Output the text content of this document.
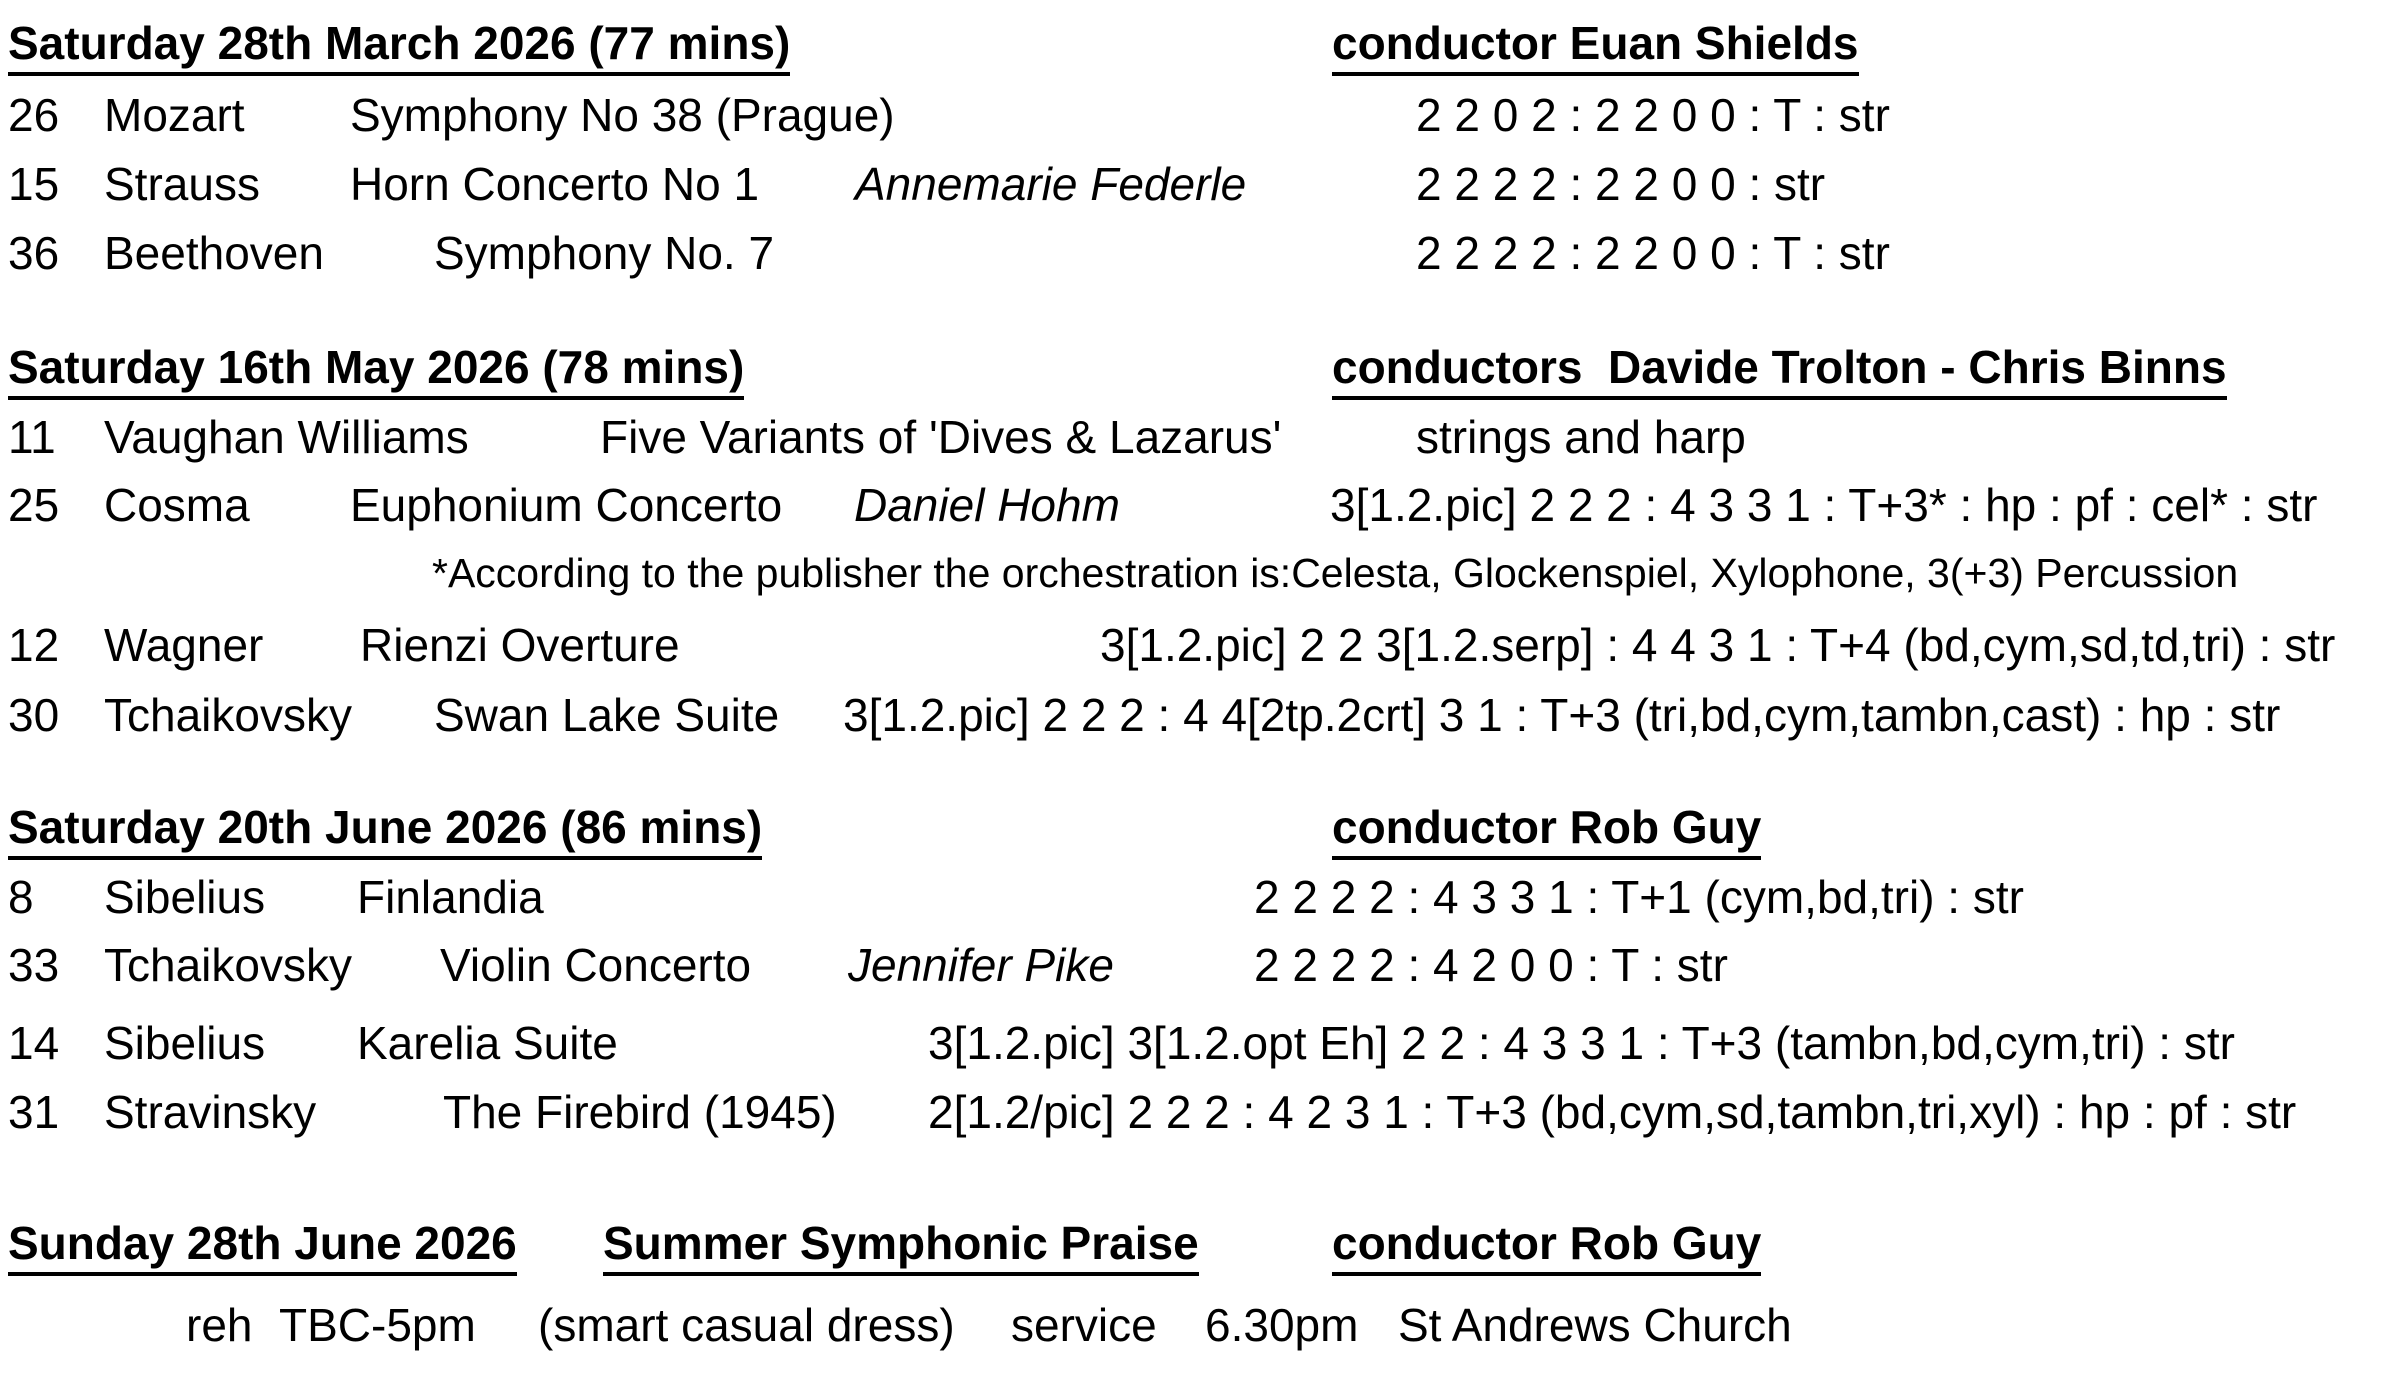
Saturday 28th March 2026 (77 mins)	conductor Euan Shields
26 Mozart Symphony No 38 (Prague)	2 2 0 2 : 2 2 0 0 : T : str
15 Strauss Horn Concerto No 1 Annemarie Federle	2 2 2 2 : 2 2 0 0 : str
36 Beethoven Symphony No. 7	2 2 2 2 : 2 2 0 0 : T : str
Saturday 16th May 2026 (78 mins)	conductors  Davide Trolton - Chris Binns
11 Vaughan Williams	Five Variants of 'Dives & Lazarus'	strings and harp
25 Cosma Euphonium Concerto Daniel Hohm	3[1.2.pic] 2 2 2 : 4 3 3 1 : T+3* : hp : pf : cel* : str
*According to the publisher the orchestration is:Celesta, Glockenspiel, Xylophone, 3(+3) Percussion
12 Wagner Rienzi Overture	3[1.2.pic] 2 2 3[1.2.serp] : 4 4 3 1 : T+4 (bd,cym,sd,td,tri) : str
30 Tchaikovsky Swan Lake Suite 3[1.2.pic] 2 2 2 : 4 4[2tp.2crt] 3 1 : T+3 (tri,bd,cym,tambn,cast) : hp : str
Saturday 20th June 2026 (86 mins)	conductor Rob Guy
8 Sibelius Finlandia	2 2 2 2 : 4 3 3 1 : T+1 (cym,bd,tri) : str
33 Tchaikovsky Violin Concerto Jennifer Pike	2 2 2 2 : 4 2 0 0 : T : str
14 Sibelius Karelia Suite	3[1.2.pic] 3[1.2.opt Eh] 2 2 : 4 3 3 1 : T+3 (tambn,bd,cym,tri) : str
31 Stravinsky	The Firebird (1945) 2[1.2/pic] 2 2 2 : 4 2 3 1 : T+3 (bd,cym,sd,tambn,tri,xyl) : hp : pf : str
Sunday 28th June 2026 Summer Symphonic Praise	conductor Rob Guy
reh TBC-5pm (smart casual dress) service 6.30pm St Andrews Church
